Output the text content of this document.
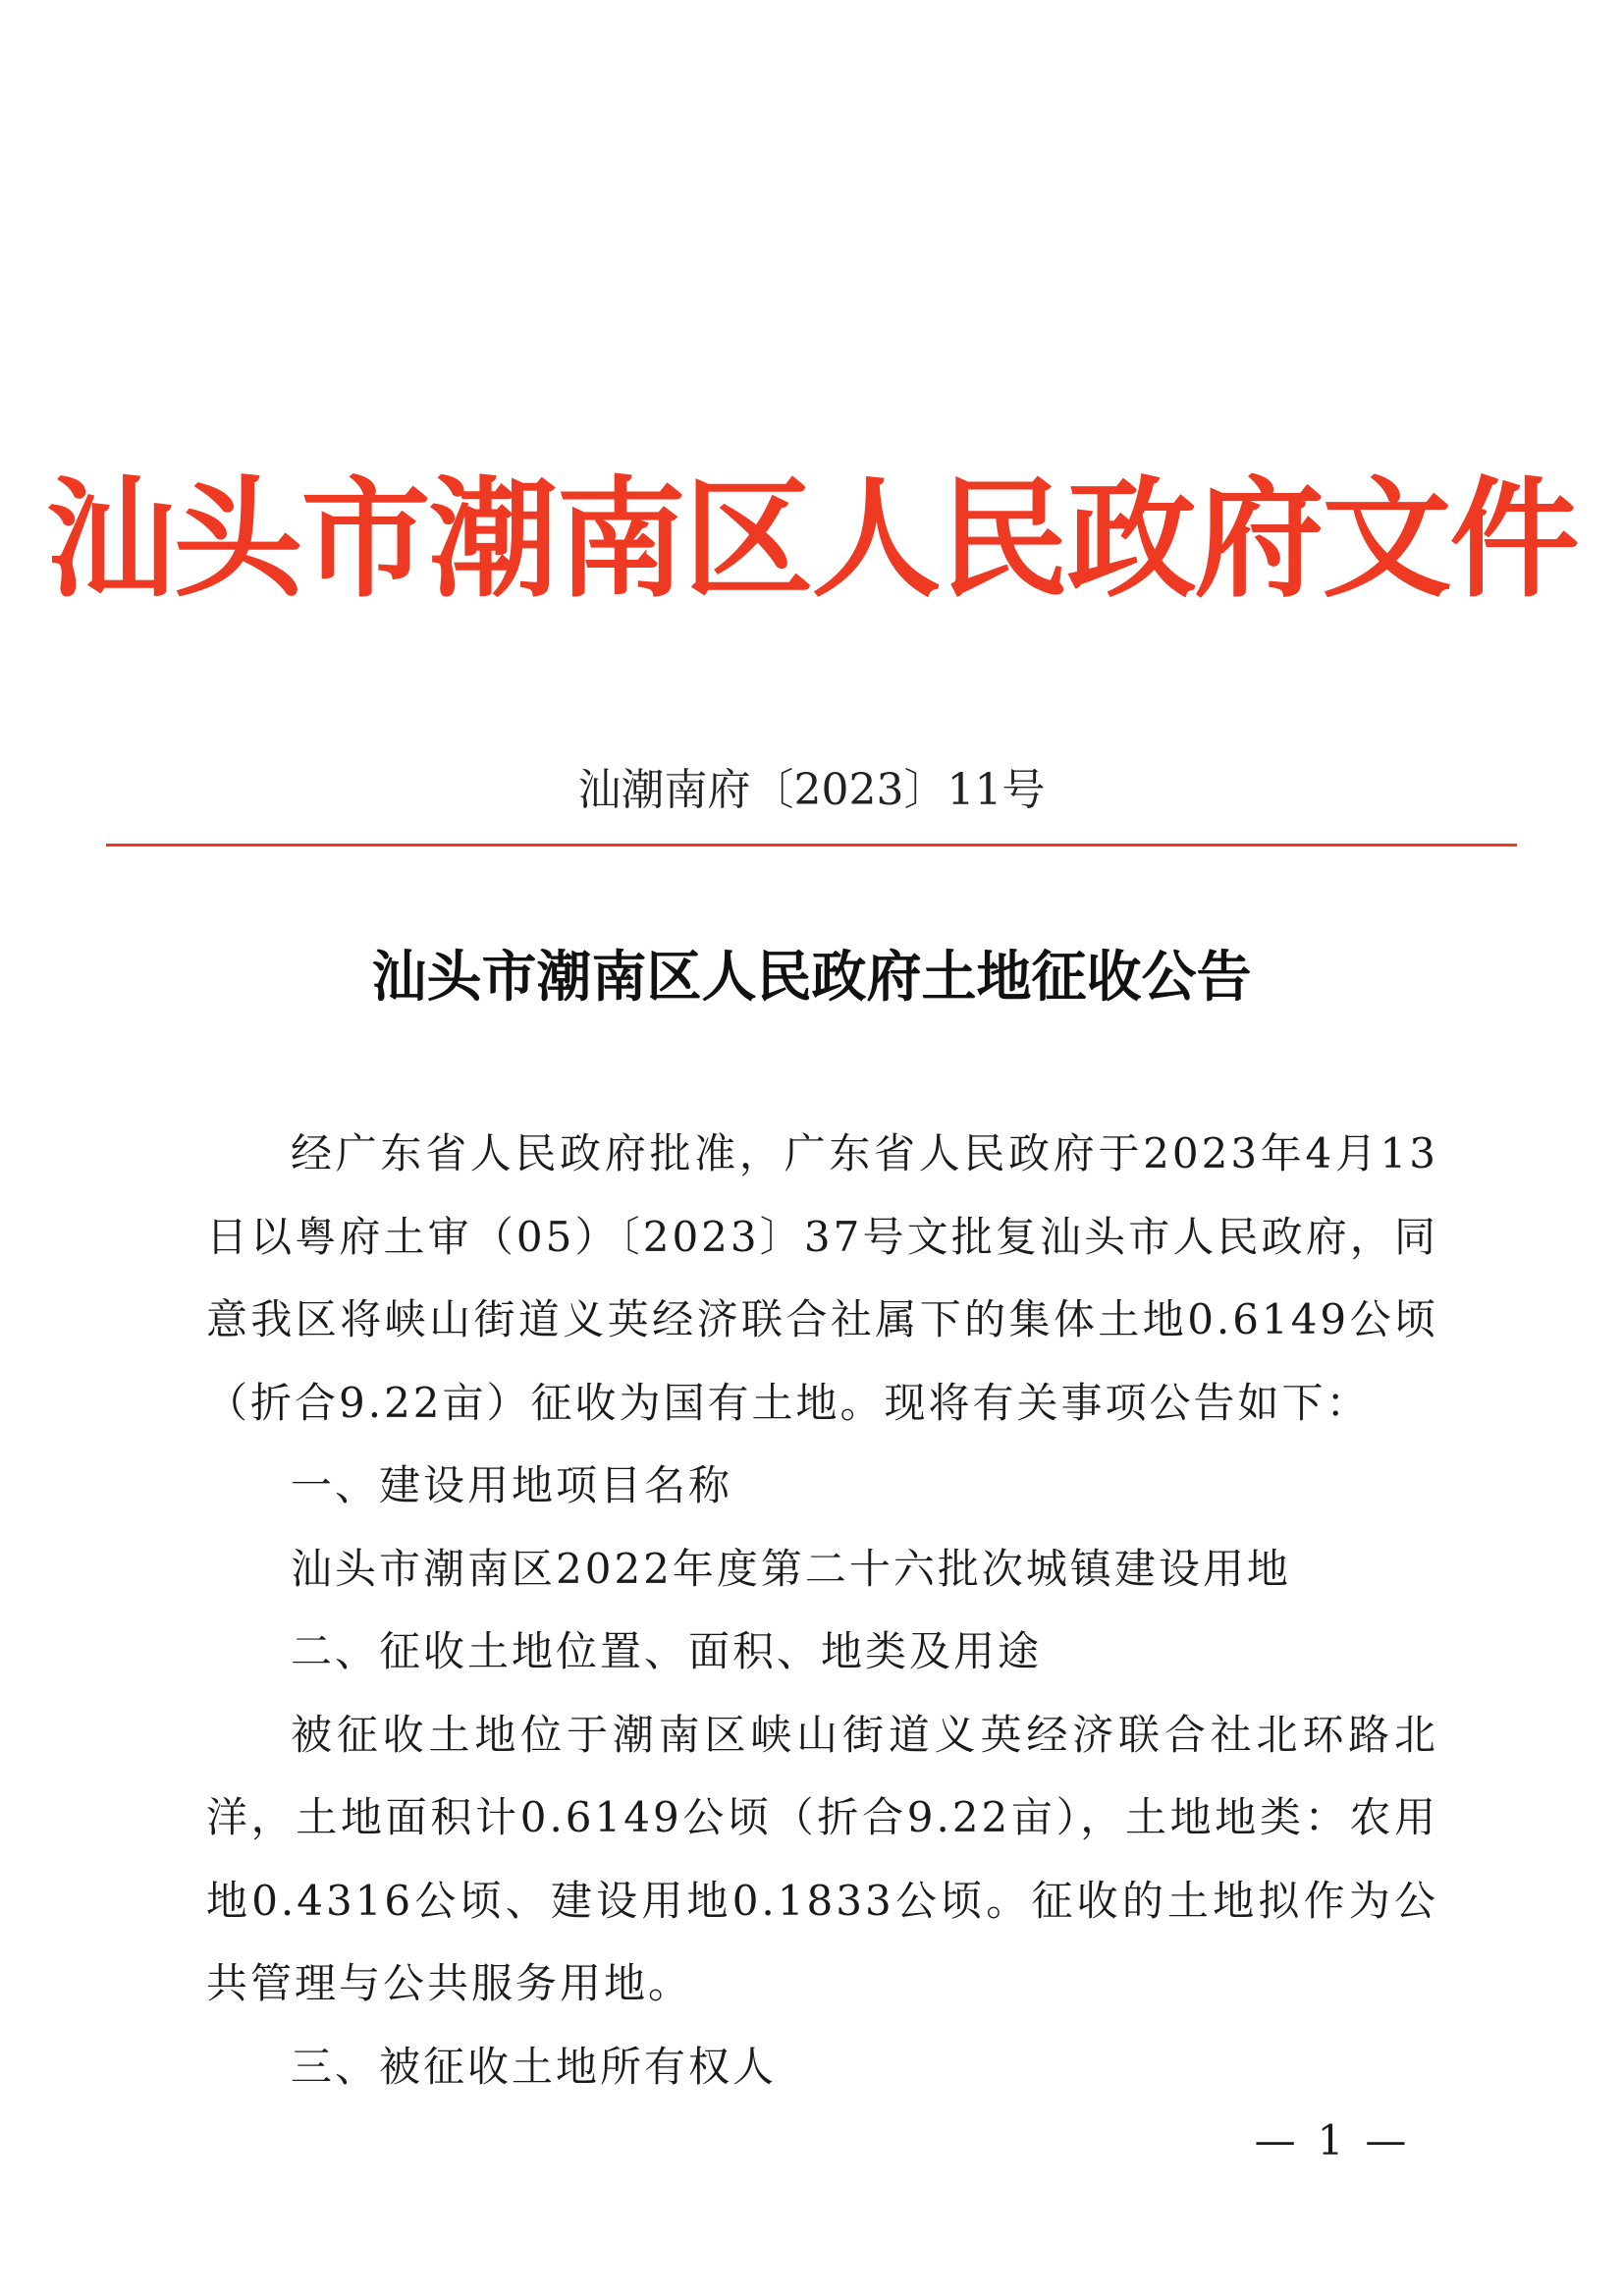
汕头市潮南区人民政府文件
汕潮南府〔2023〕11号
汕头市潮南区人民政府土地征收公告

经广东省人民政府批准，广东省人民政府于2023年4月13日以粤府土审（05）〔2023〕37号文批复汕头市人民政府，同意我区将峡山街道义英经济联合社属下的集体土地0.6149公顷（折合9.22亩）征收为国有土地。现将有关事项公告如下：

一、建设用地项目名称

汕头市潮南区2022年度第二十六批次城镇建设用地

二、征收土地位置、面积、地类及用途

被征收土地位于潮南区峡山街道义英经济联合社北环路北洋，土地面积计0.6149公顷（折合9.22亩），土地地类：农用地0.4316公顷、建设用地0.1833公顷。征收的土地拟作为公共管理与公共服务用地。

三、被征收土地所有权人

— 1 —
